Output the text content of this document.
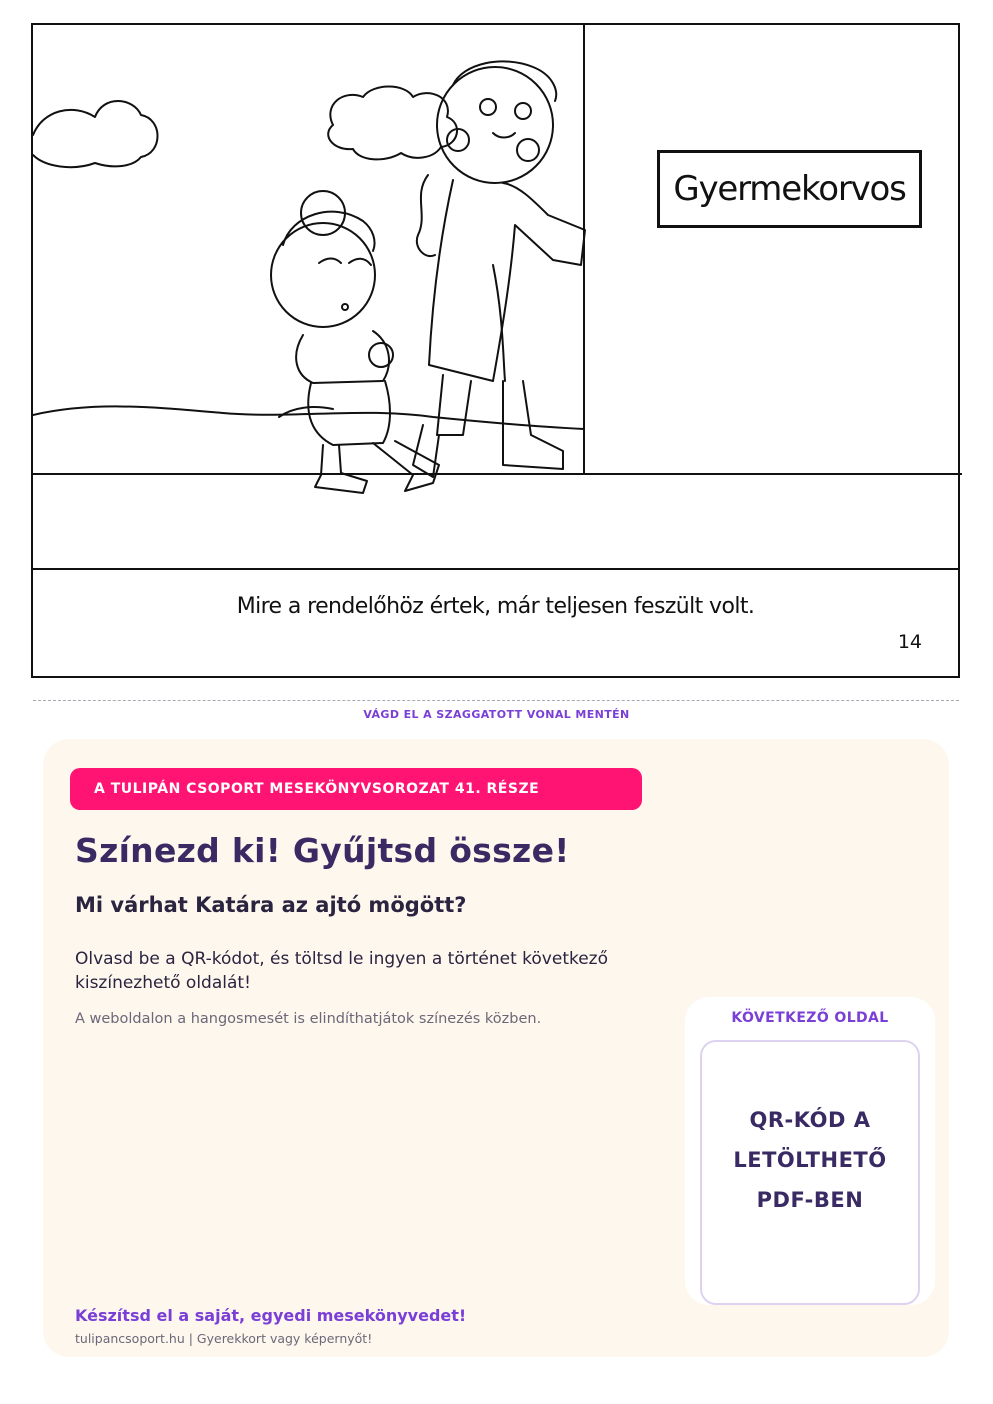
Gyermekorvos
Mire a rendelőhöz értek, már teljesen feszült volt.
14
VÁGD EL A SZAGGATOTT VONAL MENTÉN
A TULIPÁN CSOPORT MESEKÖNYVSOROZAT 41. RÉSZE
Színezd ki! Gyűjtsd össze!
Mi várhat Katára az ajtó mögött?
Olvasd be a QR-kódot, és töltsd le ingyen a történet következő kiszínezhető oldalát!
A weboldalon a hangosmesét is elindíthatjátok színezés közben.	KÖVETKEZŐ OLDAL
QR-KÓD A LETÖLTHETŐ PDF-BEN
Készítsd el a saját, egyedi mesekönyvedet!
tulipancsoport.hu | Gyerekkort vagy képernyőt!
